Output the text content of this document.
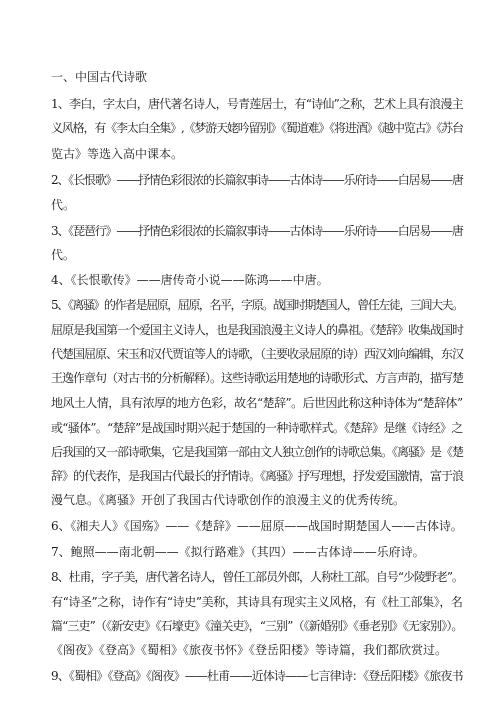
一、中国古代诗歌
1、李白，字太白，唐代著名诗人，号青莲居士，有“诗仙”之称，艺术上具有浪漫主
义风格，有《李太白全集》,《梦游天姥吟留别》《蜀道难》《将进酒》《越中览古》《苏台
览古》等选入高中课本。
2、《长恨歌》——抒情色彩很浓的长篇叙事诗——古体诗——乐府诗——白居易——唐
代。
3、《琵琶行》——抒情色彩很浓的长篇叙事诗——古体诗——乐府诗——白居易——唐
代。
4、《长恨歌传》——唐传奇小说——陈鸿——中唐。
5、《离骚》的作者是屈原，屈原，名平，字原。战国时期楚国人，曾任左徒，三闾大夫。
屈原是我国第一个爱国主义诗人，也是我国浪漫主义诗人的鼻祖。《楚辞》收集战国时
代楚国屈原、宋玉和汉代贾谊等人的诗歌，（主要收录屈原的诗）西汉刘向编辑，东汉
王逸作章句（对古书的分析解释）。这些诗歌运用楚地的诗歌形式、方言声韵，描写楚
地风土人情，具有浓厚的地方色彩，故名“楚辞”。后世因此称这种诗体为“楚辞体”
或“骚体”。“楚辞”是战国时期兴起于楚国的一种诗歌样式。《楚辞》是继《诗经》之
后我国的又一部诗歌集，它是我国第一部由文人独立创作的诗歌总集。《离骚》是《楚
辞》的代表作，是我国古代最长的抒情诗。《离骚》抒写理想，抒发爱国激情，富于浪
漫气息。《离骚》开创了我国古代诗歌创作的浪漫主义的优秀传统。
6、《湘夫人》《国殇》——《楚辞》——屈原——战国时期楚国人——古体诗。
7、鲍照——南北朝——《拟行路难》（其四）——古体诗——乐府诗。
8、杜甫，字子美，唐代著名诗人，曾任工部员外郎，人称杜工部。自号“少陵野老”。
有“诗圣”之称，诗作有“诗史”美称，其诗具有现实主义风格，有《杜工部集》，名
篇“三吏”（《新安吏》《石壕吏》《潼关吏》，“三别”（《新婚别》《垂老别》《无家别》）。
《阁夜》《登高》《蜀相》《旅夜书怀》《登岳阳楼》等诗篇，我们都欣赏过。
9、《蜀相》《登高》《阁夜》——杜甫——近体诗——七言律诗：《登岳阳楼》《旅夜书
